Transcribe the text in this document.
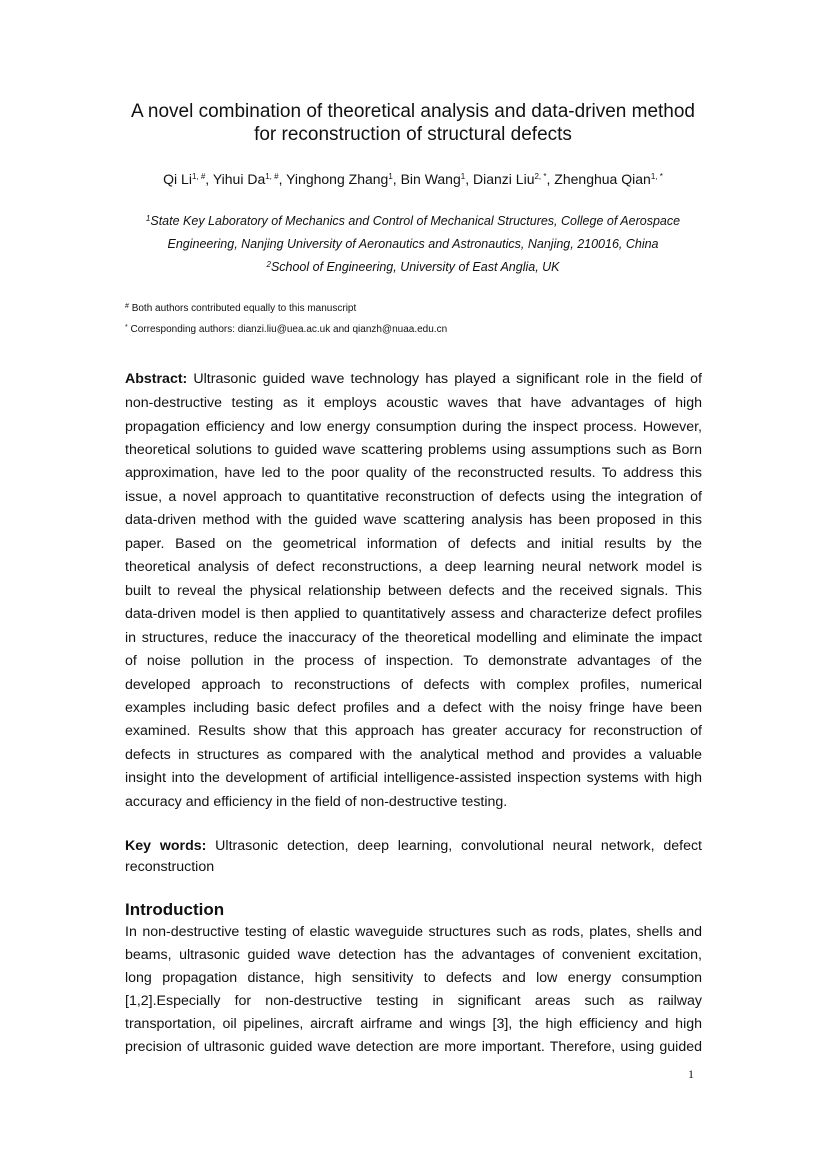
A novel combination of theoretical analysis and data-driven method
for reconstruction of structural defects
Qi $Li^{1, \#}$, Yihui $Da^{1, \#}$, Yinghong Zhang$^1$, Bin Wang$^1$, Dianzi Liu$^{2, *}$, Zhenghua Qian$^{1, *}$
$^1$State Key Laboratory of Mechanics and Control of Mechanical Structures, College of Aerospace
Engineering, Nanjing University of Aeronautics and Astronautics, Nanjing, 210016, China
$^2$School of Engineering, University of East Anglia, UK
# Both authors contributed equally to this manuscript
* Corresponding authors: dianzi.liu@uea.ac.uk and qianzh@nuaa.edu.cn
Abstract: Ultrasonic guided wave technology has played a significant role in the field of
non-destructive testing as it employs acoustic waves that have advantages of high
propagation efficiency and low energy consumption during the inspect process. However,
theoretical solutions to guided wave scattering problems using assumptions such as Born
approximation, have led to the poor quality of the reconstructed results. To address this
issue, a novel approach to quantitative reconstruction of defects using the integration of
data-driven method with the guided wave scattering analysis has been proposed in this
paper. Based on the geometrical information of defects and initial results by the
theoretical analysis of defect reconstructions, a deep learning neural network model is
built to reveal the physical relationship between defects and the received signals. This
data-driven model is then applied to quantitatively assess and characterize defect profiles
in structures, reduce the inaccuracy of the theoretical modelling and eliminate the impact
of noise pollution in the process of inspection. To demonstrate advantages of the
developed approach to reconstructions of defects with complex profiles, numerical
examples including basic defect profiles and a defect with the noisy fringe have been
examined. Results show that this approach has greater accuracy for reconstruction of
defects in structures as compared with the analytical method and provides a valuable
insight into the development of artificial intelligence-assisted inspection systems with high
accuracy and efficiency in the field of non-destructive testing.
Key words: Ultrasonic detection, deep learning, convolutional neural network, defect
reconstruction
Introduction
In non-destructive testing of elastic waveguide structures such as rods, plates, shells and
beams, ultrasonic guided wave detection has the advantages of convenient excitation,
long propagation distance, high sensitivity to defects and low energy consumption
[1,2].Especially for non-destructive testing in significant areas such as railway
transportation, oil pipelines, aircraft airframe and wings [3], the high efficiency and high
precision of ultrasonic guided wave detection are more important. Therefore, using guided
1
